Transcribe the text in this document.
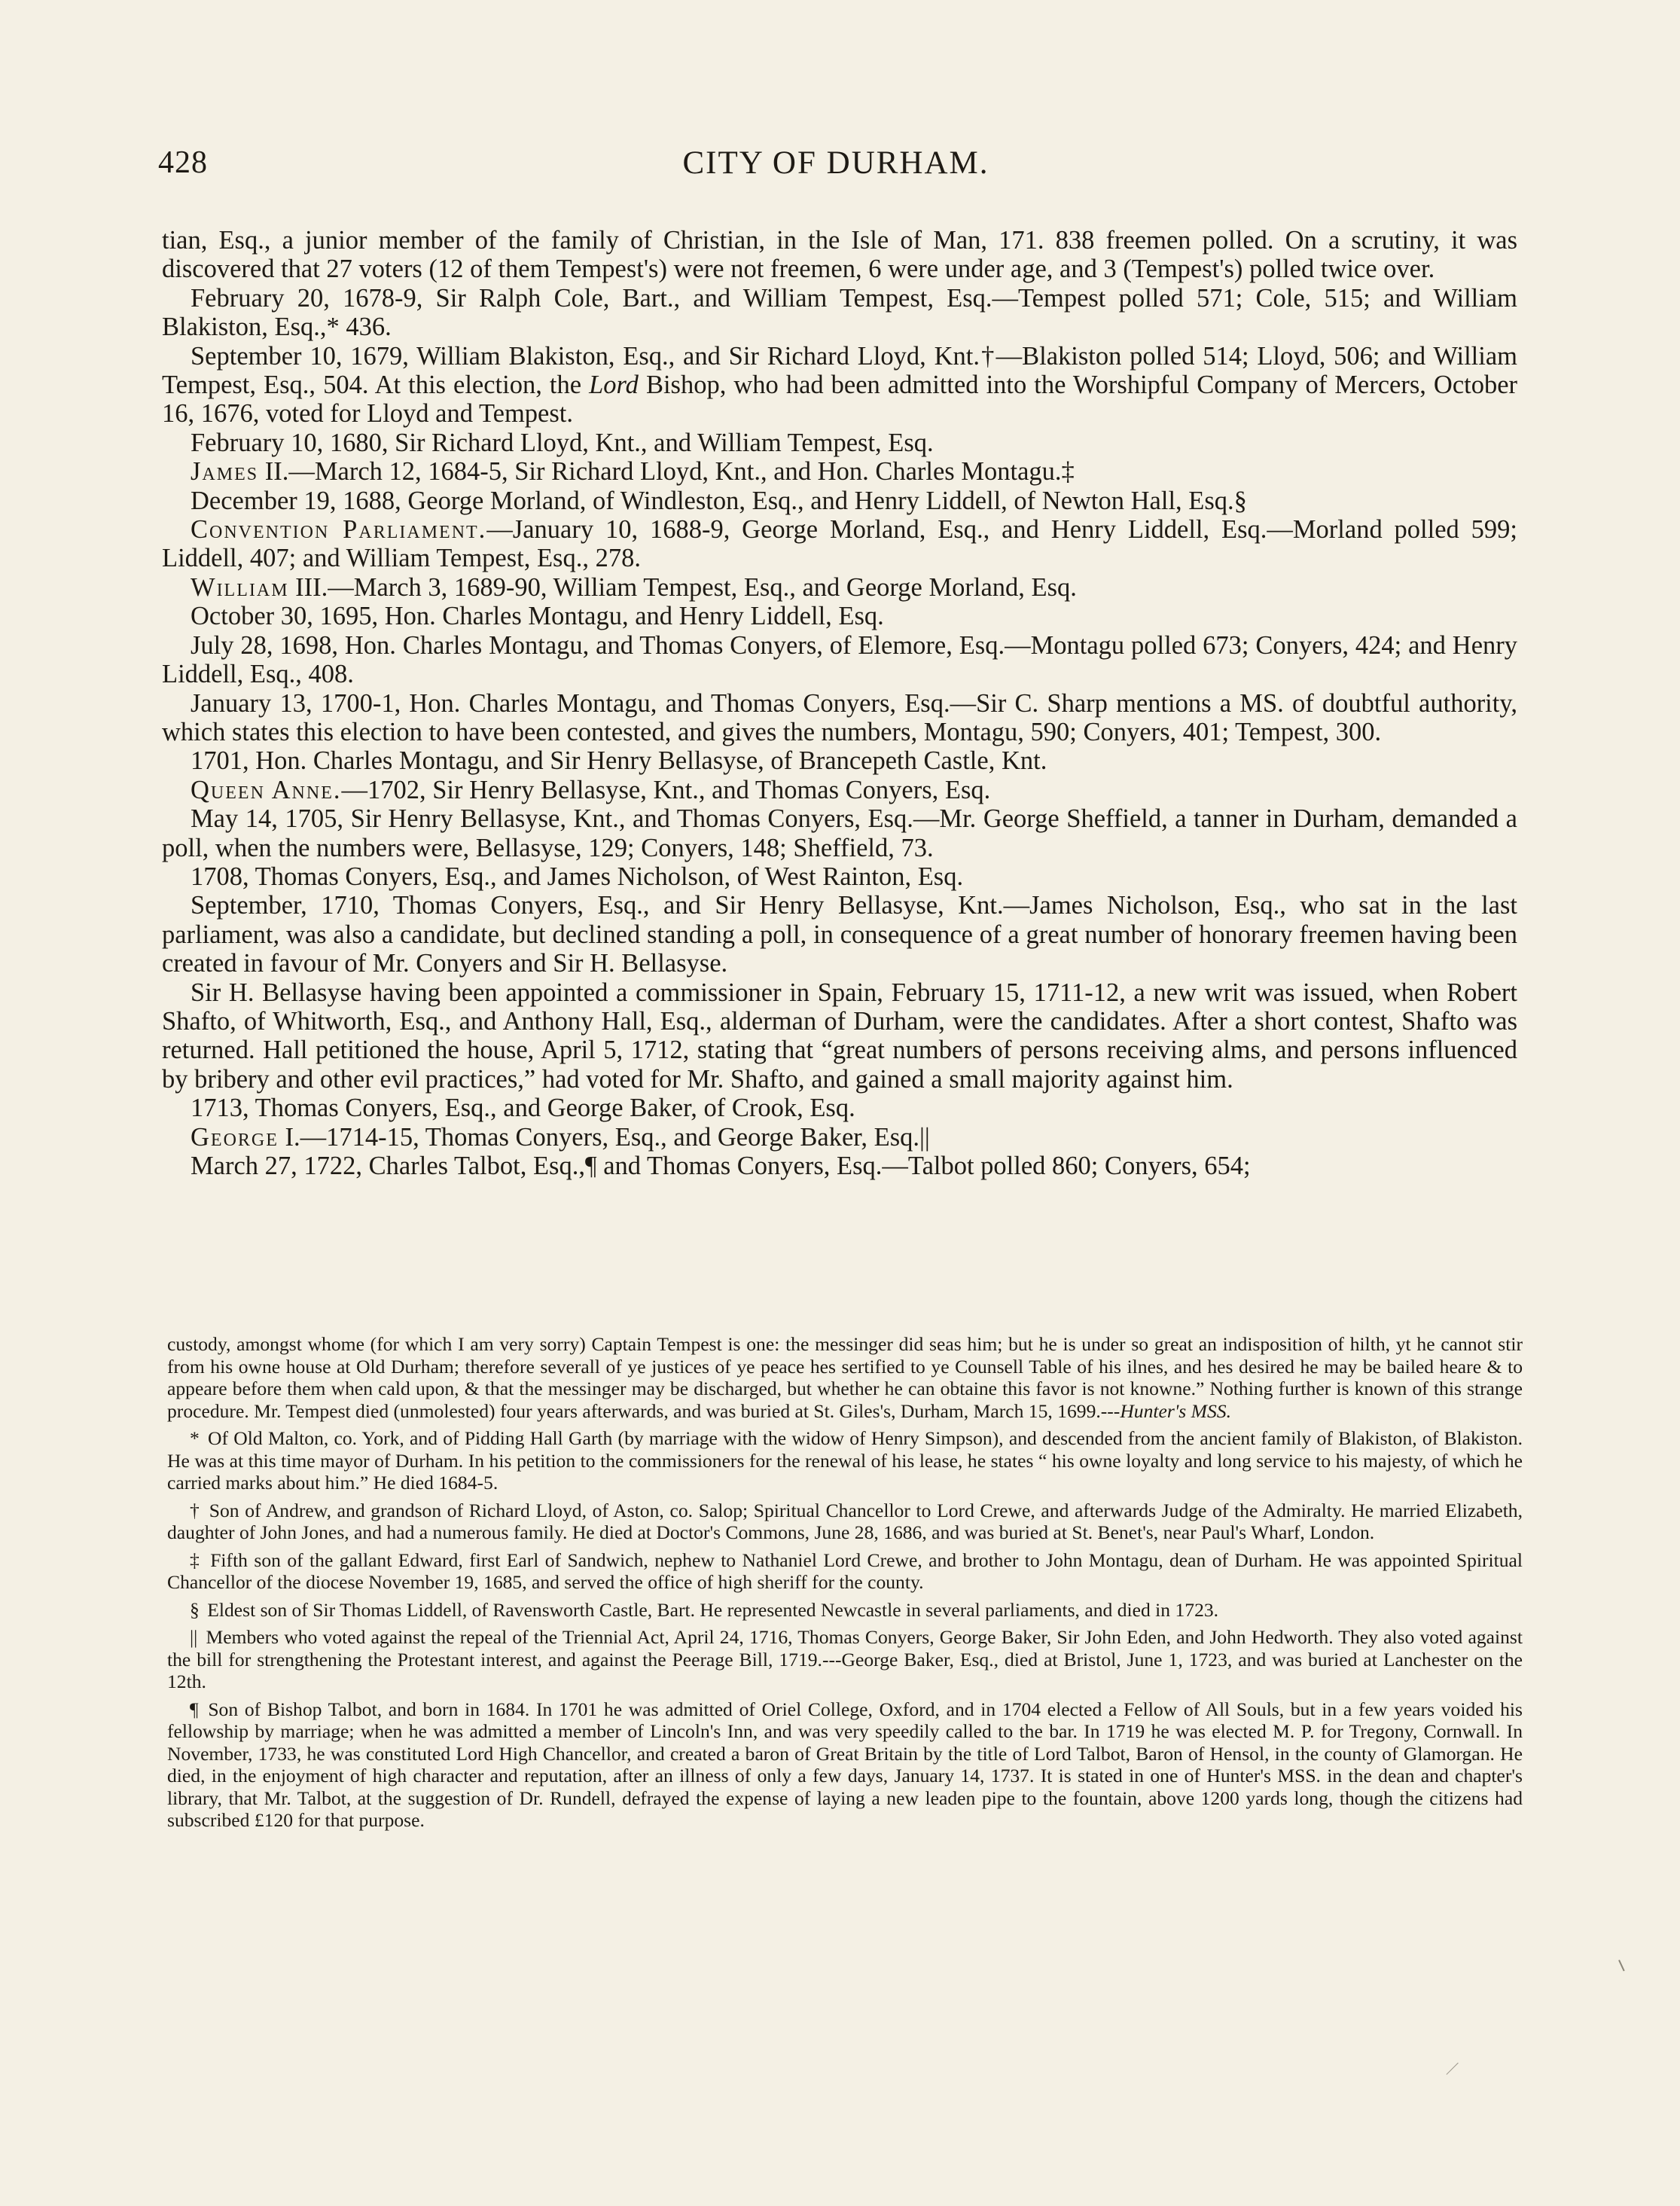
428	CITY OF DURHAM.

tian, Esq., a junior member of the family of Christian, in the Isle of Man, 171. 838 freemen polled. On a scrutiny, it was discovered that 27 voters (12 of them Tempest's) were not freemen, 6 were under age, and 3 (Tempest's) polled twice over.

February 20, 1678-9, Sir Ralph Cole, Bart., and William Tempest, Esq.—Tempest polled 571; Cole, 515; and William Blakiston, Esq.,* 436.

September 10, 1679, William Blakiston, Esq., and Sir Richard Lloyd, Knt.†—Blakiston polled 514; Lloyd, 506; and William Tempest, Esq., 504. At this election, the Lord Bishop, who had been admitted into the Worshipful Company of Mercers, October 16, 1676, voted for Lloyd and Tempest.

February 10, 1680, Sir Richard Lloyd, Knt., and William Tempest, Esq.

James II.—March 12, 1684-5, Sir Richard Lloyd, Knt., and Hon. Charles Montagu.‡

December 19, 1688, George Morland, of Windleston, Esq., and Henry Liddell, of Newton Hall, Esq.§

Convention Parliament.—January 10, 1688-9, George Morland, Esq., and Henry Liddell, Esq.—Morland polled 599; Liddell, 407; and William Tempest, Esq., 278.

William III.—March 3, 1689-90, William Tempest, Esq., and George Morland, Esq.

October 30, 1695, Hon. Charles Montagu, and Henry Liddell, Esq.

July 28, 1698, Hon. Charles Montagu, and Thomas Conyers, of Elemore, Esq.—Montagu polled 673; Conyers, 424; and Henry Liddell, Esq., 408.

January 13, 1700-1, Hon. Charles Montagu, and Thomas Conyers, Esq.—Sir C. Sharp mentions a MS. of doubtful authority, which states this election to have been contested, and gives the numbers, Montagu, 590; Conyers, 401; Tempest, 300.

1701, Hon. Charles Montagu, and Sir Henry Bellasyse, of Brancepeth Castle, Knt.

Queen Anne.—1702, Sir Henry Bellasyse, Knt., and Thomas Conyers, Esq.

May 14, 1705, Sir Henry Bellasyse, Knt., and Thomas Conyers, Esq.—Mr. George Sheffield, a tanner in Durham, demanded a poll, when the numbers were, Bellasyse, 129; Conyers, 148; Sheffield, 73.

1708, Thomas Conyers, Esq., and James Nicholson, of West Rainton, Esq.

September, 1710, Thomas Conyers, Esq., and Sir Henry Bellasyse, Knt.—James Nicholson, Esq., who sat in the last parliament, was also a candidate, but declined standing a poll, in consequence of a great number of honorary freemen having been created in favour of Mr. Conyers and Sir H. Bellasyse.

Sir H. Bellasyse having been appointed a commissioner in Spain, February 15, 1711-12, a new writ was issued, when Robert Shafto, of Whitworth, Esq., and Anthony Hall, Esq., alderman of Durham, were the candidates. After a short contest, Shafto was returned. Hall petitioned the house, April 5, 1712, stating that “great numbers of persons receiving alms, and persons influenced by bribery and other evil practices,” had voted for Mr. Shafto, and gained a small majority against him.

1713, Thomas Conyers, Esq., and George Baker, of Crook, Esq.

George I.—1714-15, Thomas Conyers, Esq., and George Baker, Esq.||

March 27, 1722, Charles Talbot, Esq.,¶ and Thomas Conyers, Esq.—Talbot polled 860; Conyers, 654;

custody, amongst whome (for which I am very sorry) Captain Tempest is one: the messinger did seas him; but he is under so great an indisposition of hilth, yt he cannot stir from his owne house at Old Durham; therefore severall of ye justices of ye peace hes sertified to ye Counsell Table of his ilnes, and hes desired he may be bailed heare & to appeare before them when cald upon, & that the messinger may be discharged, but whether he can obtaine this favor is not knowne.” Nothing further is known of this strange procedure. Mr. Tempest died (unmolested) four years afterwards, and was buried at St. Giles's, Durham, March 15, 1699.---Hunter's MSS.

* Of Old Malton, co. York, and of Pidding Hall Garth (by marriage with the widow of Henry Simpson), and descended from the ancient family of Blakiston, of Blakiston. He was at this time mayor of Durham. In his petition to the commissioners for the renewal of his lease, he states “ his owne loyalty and long service to his majesty, of which he carried marks about him.” He died 1684-5.

† Son of Andrew, and grandson of Richard Lloyd, of Aston, co. Salop; Spiritual Chancellor to Lord Crewe, and afterwards Judge of the Admiralty. He married Elizabeth, daughter of John Jones, and had a numerous family. He died at Doctor's Commons, June 28, 1686, and was buried at St. Benet's, near Paul's Wharf, London.

‡ Fifth son of the gallant Edward, first Earl of Sandwich, nephew to Nathaniel Lord Crewe, and brother to John Montagu, dean of Durham. He was appointed Spiritual Chancellor of the diocese November 19, 1685, and served the office of high sheriff for the county.

§ Eldest son of Sir Thomas Liddell, of Ravensworth Castle, Bart. He represented Newcastle in several parliaments, and died in 1723.

|| Members who voted against the repeal of the Triennial Act, April 24, 1716, Thomas Conyers, George Baker, Sir John Eden, and John Hedworth. They also voted against the bill for strengthening the Protestant interest, and against the Peerage Bill, 1719.---George Baker, Esq., died at Bristol, June 1, 1723, and was buried at Lanchester on the 12th.

¶ Son of Bishop Talbot, and born in 1684. In 1701 he was admitted of Oriel College, Oxford, and in 1704 elected a Fellow of All Souls, but in a few years voided his fellowship by marriage; when he was admitted a member of Lincoln's Inn, and was very speedily called to the bar. In 1719 he was elected M. P. for Tregony, Cornwall. In November, 1733, he was constituted Lord High Chancellor, and created a baron of Great Britain by the title of Lord Talbot, Baron of Hensol, in the county of Glamorgan. He died, in the enjoyment of high character and reputation, after an illness of only a few days, January 14, 1737. It is stated in one of Hunter's MSS. in the dean and chapter's library, that Mr. Talbot, at the suggestion of Dr. Rundell, defrayed the expense of laying a new leaden pipe to the fountain, above 1200 yards long, though the citizens had subscribed £120 for that purpose.
